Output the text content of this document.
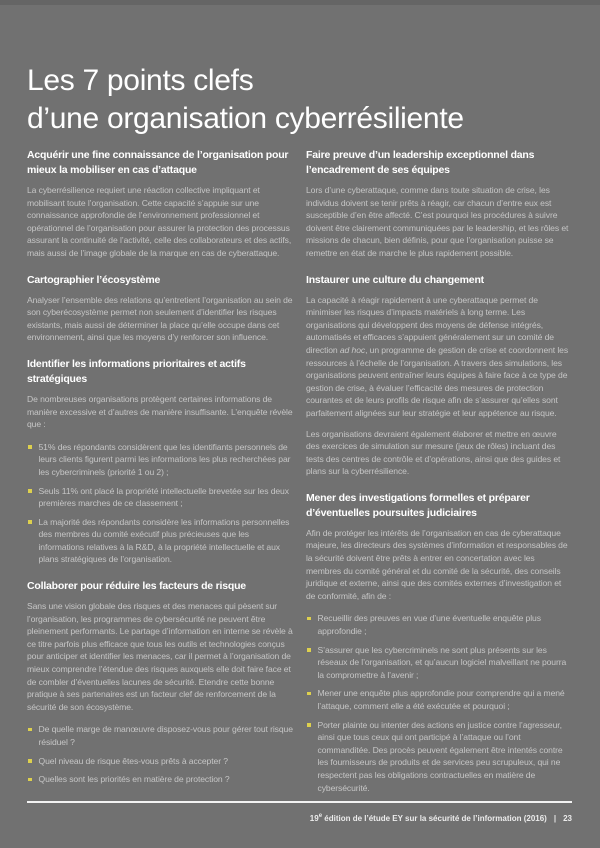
Les 7 points clefs
d’une organisation cyberrésiliente
Acquérir une fine connaissance de l’organisation pour mieux la mobiliser en cas d’attaque

La cyberrésilience requiert une réaction collective impliquant et mobilisant toute l’organisation. Cette capacité s’appuie sur une connaissance approfondie de l’environnement professionnel et opérationnel de l’organisation pour assurer la protection des processus assurant la continuité de l’activité, celle des collaborateurs et des actifs, mais aussi de l’image globale de la marque en cas de cyberattaque.

Cartographier l’écosystème

Analyser l’ensemble des relations qu’entretient l’organisation au sein de son cyberécosystème permet non seulement d’identifier les risques existants, mais aussi de déterminer la place qu’elle occupe dans cet environnement, ainsi que les moyens d’y renforcer son influence.

Identifier les informations prioritaires et actifs stratégiques

De nombreuses organisations protègent certaines informations de manière excessive et d’autres de manière insuffisante. L’enquête révèle que :

51% des répondants considèrent que les identifiants personnels de leurs clients figurent parmi les informations les plus recherchées par les cybercriminels (priorité 1 ou 2) ;
Seuls 11% ont placé la propriété intellectuelle brevetée sur les deux premières marches de ce classement ;
La majorité des répondants considère les informations personnelles des membres du comité exécutif plus précieuses que les informations relatives à la R&D, à la propriété intellectuelle et aux plans stratégiques de l’organisation.
Collaborer pour réduire les facteurs de risque

Sans une vision globale des risques et des menaces qui pèsent sur l’organisation, les programmes de cybersécurité ne peuvent être pleinement performants. Le partage d’information en interne se révèle à ce titre parfois plus efficace que tous les outils et technologies conçus pour anticiper et identifier les menaces, car il permet à l’organisation de mieux comprendre l’étendue des risques auxquels elle doit faire face et de combler d’éventuelles lacunes de sécurité. Etendre cette bonne pratique à ses partenaires est un facteur clef de renforcement de la sécurité de son écosystème.

De quelle marge de manœuvre disposez-vous pour gérer tout risque résiduel ?
Quel niveau de risque êtes-vous prêts à accepter ?
Quelles sont les priorités en matière de protection ?
Faire preuve d’un leadership exceptionnel dans l’encadrement de ses équipes

Lors d’une cyberattaque, comme dans toute situation de crise, les individus doivent se tenir prêts à réagir, car chacun d’entre eux est susceptible d’en être affecté. C’est pourquoi les procédures à suivre doivent être clairement communiquées par le leadership, et les rôles et missions de chacun, bien définis, pour que l’organisation puisse se remettre en état de marche le plus rapidement possible.

Instaurer une culture du changement

La capacité à réagir rapidement à une cyberattaque permet de minimiser les risques d’impacts matériels à long terme. Les organisations qui développent des moyens de défense intégrés, automatisés et efficaces s’appuient généralement sur un comité de direction ad hoc, un programme de gestion de crise et coordonnent les ressources à l’échelle de l’organisation. A travers des simulations, les organisations peuvent entraîner leurs équipes à faire face à ce type de gestion de crise, à évaluer l’efficacité des mesures de protection courantes et de leurs profils de risque afin de s’assurer qu’elles sont parfaitement alignées sur leur stratégie et leur appétence au risque.

Les organisations devraient également élaborer et mettre en œuvre des exercices de simulation sur mesure (jeux de rôles) incluant des tests des centres de contrôle et d’opérations, ainsi que des guides et plans sur la cyberrésilience.

Mener des investigations formelles et préparer d’éventuelles poursuites judiciaires

Afin de protéger les intérêts de l’organisation en cas de cyberattaque majeure, les directeurs des systèmes d’information et responsables de la sécurité doivent être prêts à entrer en concertation avec les membres du comité général et du comité de la sécurité, des conseils juridique et externe, ainsi que des comités externes d’investigation et de conformité, afin de :

Recueillir des preuves en vue d’une éventuelle enquête plus approfondie ;
S’assurer que les cybercriminels ne sont plus présents sur les réseaux de l’organisation, et qu’aucun logiciel malveillant ne pourra la compromettre à l’avenir ;
Mener une enquête plus approfondie pour comprendre qui a mené l’attaque, comment elle a été exécutée et pourquoi ;
Porter plainte ou intenter des actions en justice contre l’agresseur, ainsi que tous ceux qui ont participé à l’attaque ou l’ont commanditée. Des procès peuvent également être intentés contre les fournisseurs de produits et de services peu scrupuleux, qui ne respectent pas les obligations contractuelles en matière de cybersécurité.
19e édition de l’étude EY sur la sécurité de l’information (2016) | 23
